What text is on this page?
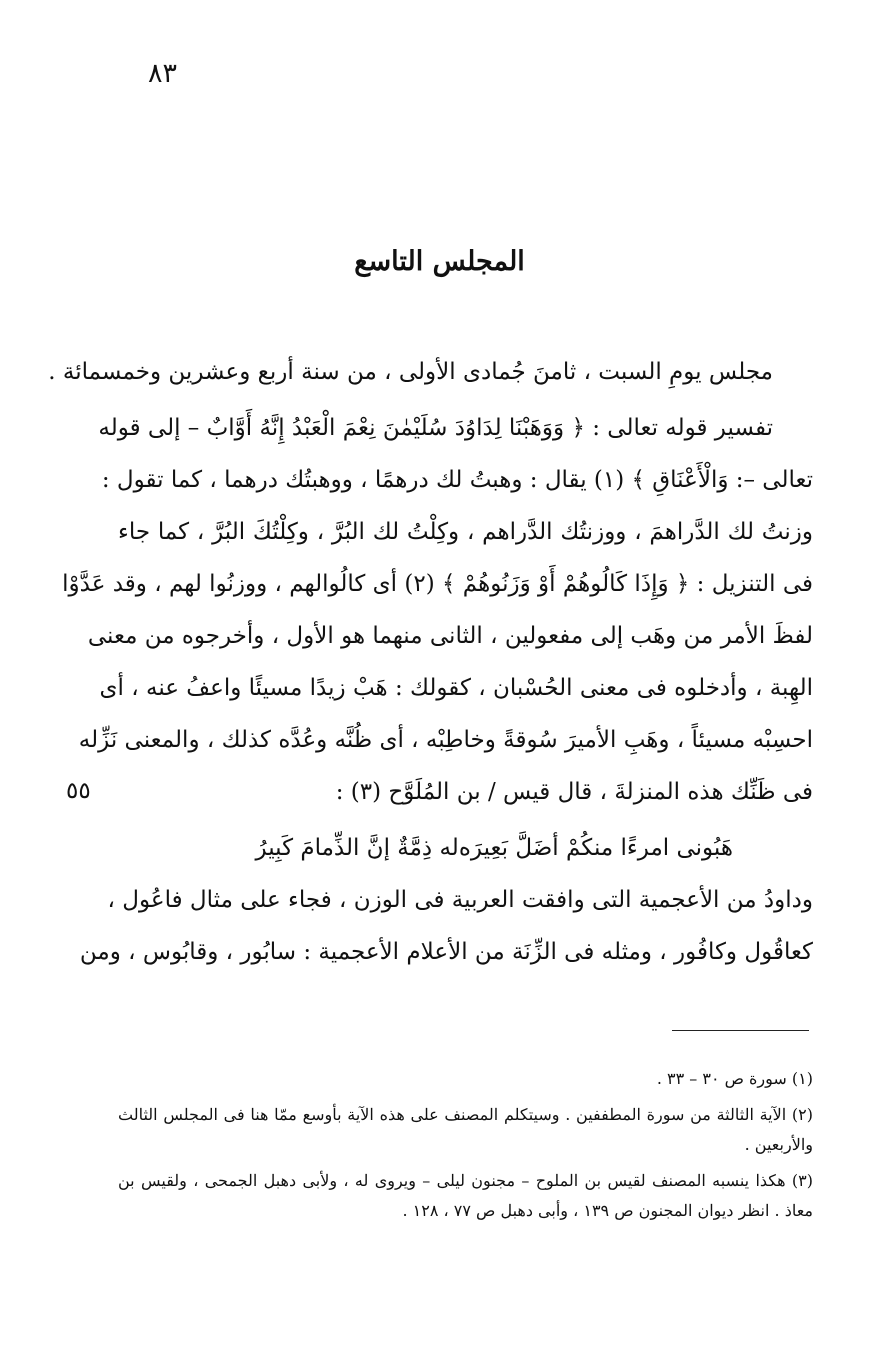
٨٣
المجلس التاسع
٥٥

مجلس يومِ السبت ، ثامنَ جُمادى الأولى ، من سنة أربع وعشرين وخمسمائة .

تفسير قوله تعالى : ﴿ وَوَهَبْنَا لِدَاوُدَ سُلَيْمٰنَ نِعْمَ الْعَبْدُ إِنَّهُ أَوَّابٌ – إلى قوله
تعالى –: وَالْأَعْنَاقِ ﴾ (١) يقال : وهبتُ لك درهمًا ، ووهبتُك درهما ، كما تقول :
وزنتُ لك الدَّراهمَ ، ووزنتُك الدَّراهم ، وكِلْتُ لك البُرَّ ، وكِلْتُكَ البُرَّ ، كما جاء
فى التنزيل : ﴿ وَإِذَا كَالُوهُمْ أَوْ وَزَنُوهُمْ ﴾ (٢) أى كالُوالهم ، ووزنُوا لهم ، وقد عَدَّوْا
لفظَ الأمر من وهَب إلى مفعولين ، الثانى منهما هو الأول ، وأخرجوه من معنى
الهِبة ، وأدخلوه فى معنى الحُسْبان ، كقولك : هَبْ زيدًا مسيئًا واعفُ عنه ، أى
احسِبْه مسيئاً ، وهَبِ الأميرَ سُوقةً وخاطِبْه ، أى ظُنَّه وعُدَّه كذلك ، والمعنى نَزِّله
فى ظَنِّك هذه المنزلةَ ، قال قيس / بن المُلَوَّح (٣) :

هَبُونى امرءًا منكُمْ أضَلَّ بَعِيرَه
له ذِمَّةٌ إنَّ الذِّمامَ كَبِيرُ

وداودُ من الأعجمية التى وافقت العربية فى الوزن ، فجاء على مثال فاعُول ،
كعاقُول وكافُور ، ومثله فى الزِّنَة من الأعلام الأعجمية : سابُور ، وقابُوس ، ومن

(١) سورة ص ٣٠ – ٣٣ .
(٢) الآية الثالثة من سورة المطففين . وسيتكلم المصنف على هذه الآية بأوسع ممّا هنا فى المجلس الثالث
والأربعين .
(٣) هكذا ينسبه المصنف لقيس بن الملوح – مجنون ليلى – ويروى له ، ولأبى دهبل الجمحى ، ولقيس بن
معاذ . انظر ديوان المجنون ص ١٣٩ ، وأبى دهبل ص ٧٧ ، ١٢٨ .
